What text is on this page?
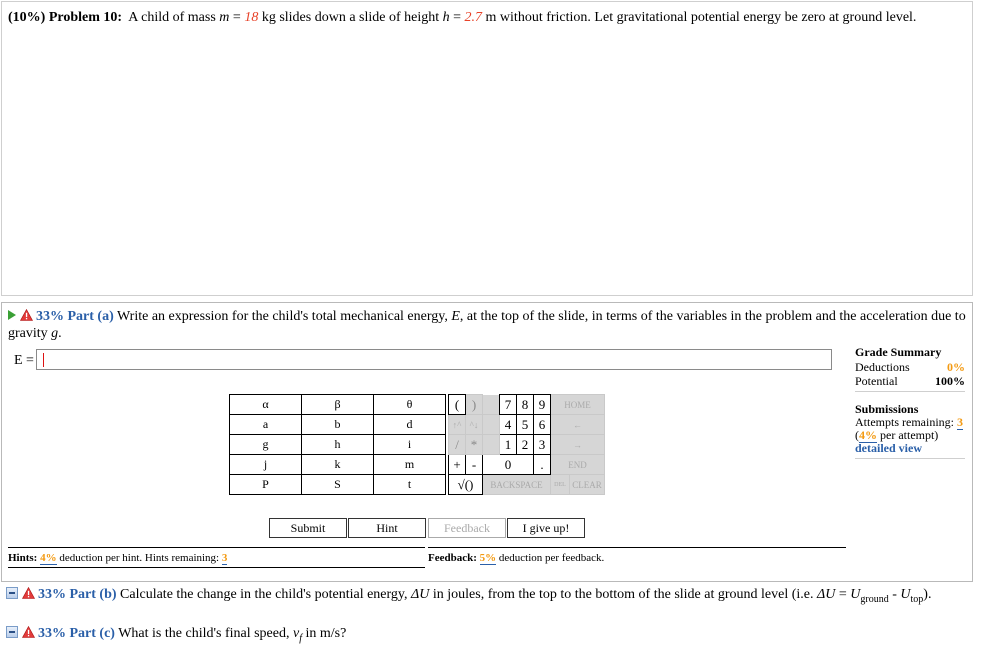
(10%) Problem 10: A child of mass m = 18 kg slides down a slide of height h = 2.7 m without friction. Let gravitational potential energy be zero at ground level.
33% Part (a) Write an expression for the child's total mechanical energy, E, at the top of the slide, in terms of the variables in the problem and the acceleration due to gravity g.
E =
Grade Summary
Deductions	0%
Potential	100%
Submissions
Attempts remaining: 3
(4% per attempt)
detailed view
α	β	θ
a	b	d
g	h	i
j	k	m
P	S	t
(	)		7	8	9	HOME	
↑^	^↓		4	5	6	←	
/	*		1	2	3	→	
+	-	0			.	END	
√()		BACKSPACE				DEL	CLEAR
Submit	Hint	Feedback	I give up!
Hints: 4% deduction per hint. Hints remaining: 3	Feedback: 5% deduction per feedback.
33% Part (b) Calculate the change in the child's potential energy, ΔU in joules, from the top to the bottom of the slide at ground level (i.e. $\Delta U = U_{ground} - U_{top}$).
33% Part (c) What is the child's final speed, $v_f$ in m/s?
